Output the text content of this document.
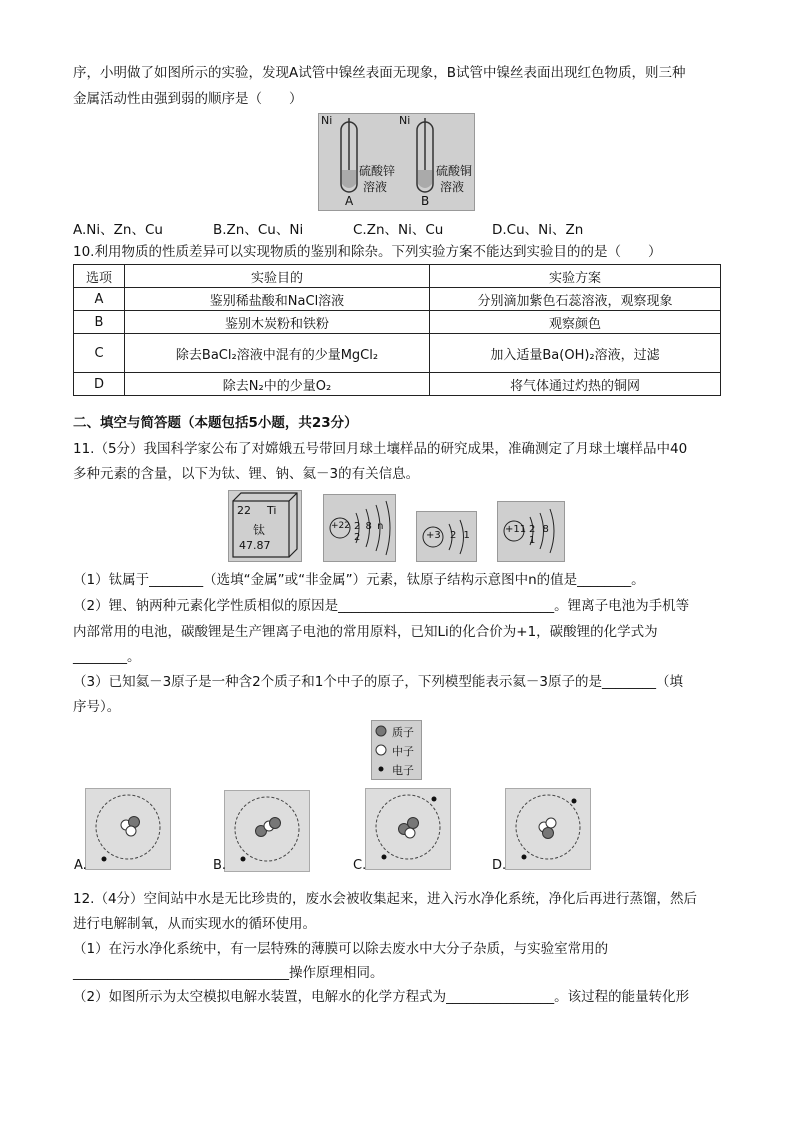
序，小明做了如图所示的实验，发现A试管中镍丝表面无现象，B试管中镍丝表面出现红色物质，则三种
金属活动性由强到弱的顺序是（　　）
Ni	Ni
硫酸锌
溶液
硫酸铜
溶液
A	B
A.Ni、Zn、Cu	B.Zn、Cu、Ni	C.Zn、Ni、Cu	D.Cu、Ni、Zn
10.利用物质的性质差异可以实现物质的鉴别和除杂。下列实验方案不能达到实验目的的是（　　）
选项	实验目的	实验方案
A	鉴别稀盐酸和NaCl溶液	分别滴加紫色石蕊溶液，观察现象
B	鉴别木炭粉和铁粉	观察颜色
C	除去BaCl₂溶液中混有的少量MgCl₂	加入适量Ba(OH)₂溶液，过滤
D	除去N₂中的少量O₂	将气体通过灼热的铜网
二、填空与简答题（本题包括5小题，共23分）
11.（5分）我国科学家公布了对嫦娥五号带回月球土壤样品的研究成果，准确测定了月球土壤样品中40
多种元素的含量，以下为钛、锂、钠、氦－3的有关信息。
22 Ti
钛
47.87
+22 2 8 n 2	+3 2 1
+11 2 8 1
（1）钛属于________（选填“金属”或“非金属”）元素，钛原子结构示意图中n的值是________。
（2）锂、钠两种元素化学性质相似的原因是________________________________。锂离子电池为手机等
内部常用的电池，碳酸锂是生产锂离子电池的常用原料，已知Li的化合价为+1，碳酸锂的化学式为
________。
（3）已知氦－3原子是一种含2个质子和1个中子的原子，下列模型能表示氦－3原子的是________（填
序号）。
质子
中子
电子
A.	B.	C.	D.
12.（4分）空间站中水是无比珍贵的，废水会被收集起来，进入污水净化系统，净化后再进行蒸馏，然后
进行电解制氧，从而实现水的循环使用。
（1）在污水净化系统中，有一层特殊的薄膜可以除去废水中大分子杂质，与实验室常用的
________________________________操作原理相同。
（2）如图所示为太空模拟电解水装置，电解水的化学方程式为________________。该过程的能量转化形
